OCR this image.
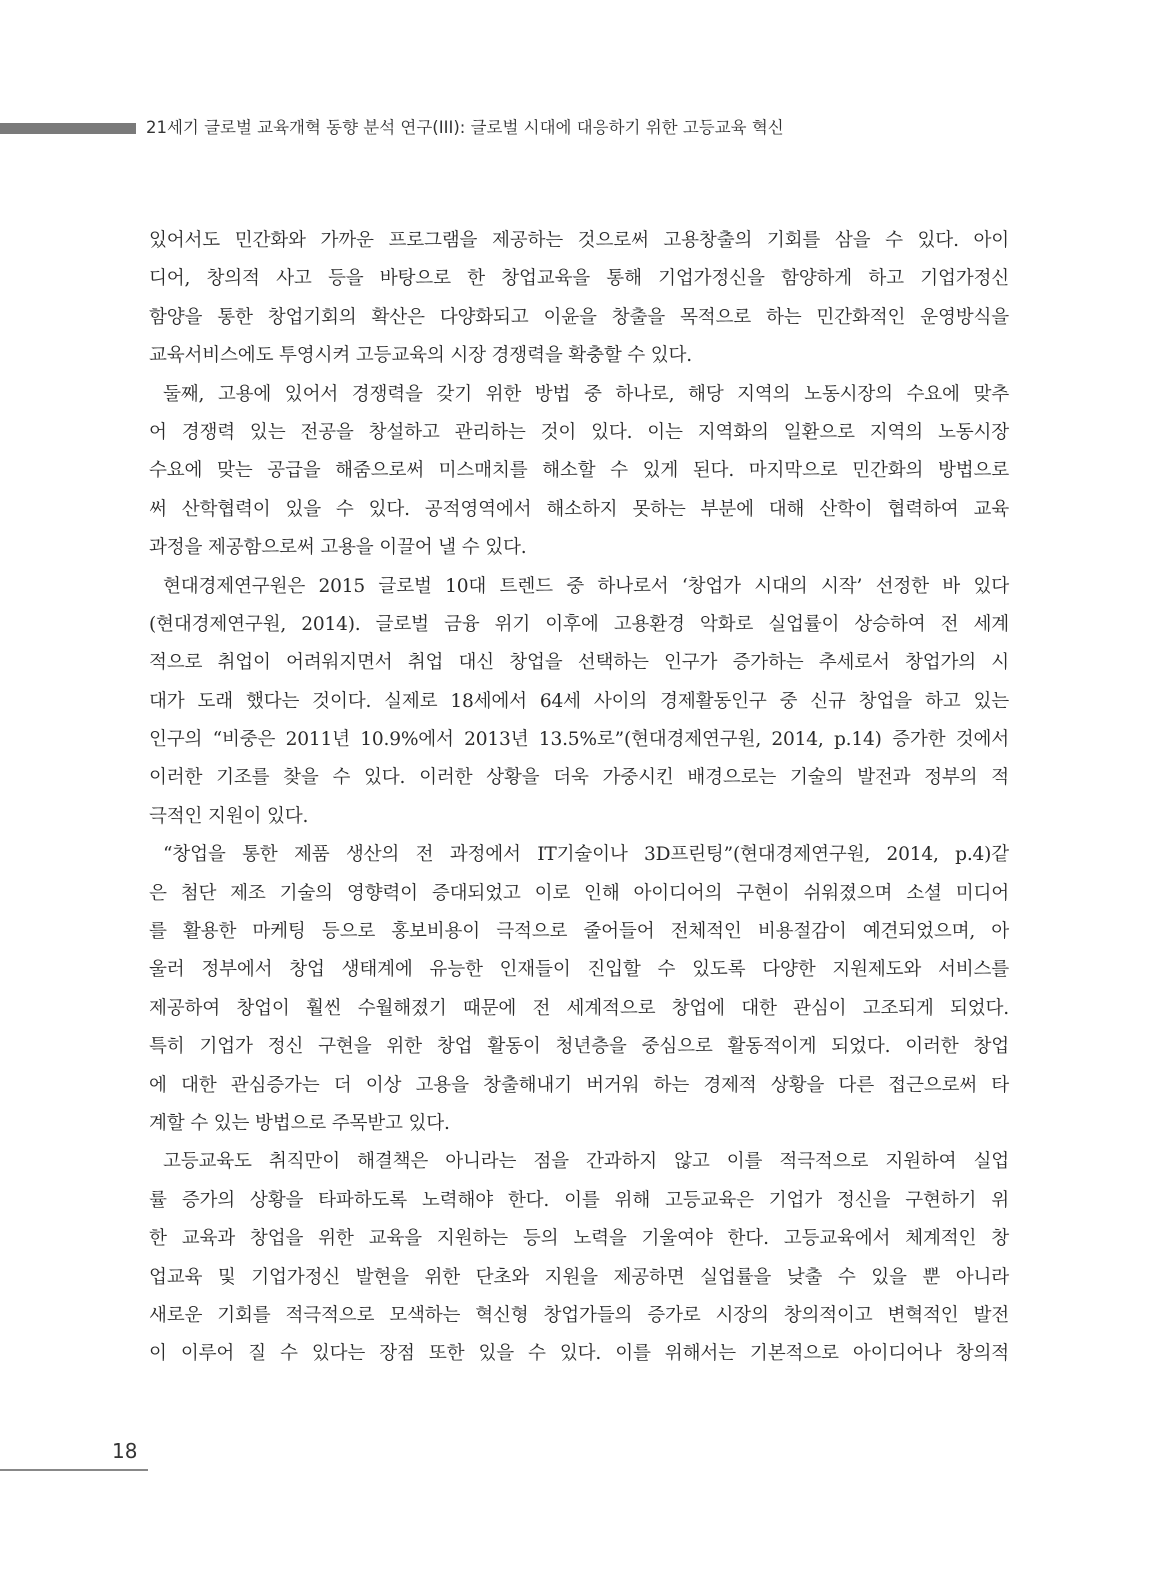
21세기 글로벌 교육개혁 동향 분석 연구(III): 글로벌 시대에 대응하기 위한 고등교육 혁신
있어서도 민간화와 가까운 프로그램을 제공하는 것으로써 고용창출의 기회를 삼을 수 있다. 아이
디어, 창의적 사고 등을 바탕으로 한 창업교육을 통해 기업가정신을 함양하게 하고 기업가정신
함양을 통한 창업기회의 확산은 다양화되고 이윤을 창출을 목적으로 하는 민간화적인 운영방식을
교육서비스에도 투영시켜 고등교육의 시장 경쟁력을 확충할 수 있다.
둘째, 고용에 있어서 경쟁력을 갖기 위한 방법 중 하나로, 해당 지역의 노동시장의 수요에 맞추
어 경쟁력 있는 전공을 창설하고 관리하는 것이 있다. 이는 지역화의 일환으로 지역의 노동시장
수요에 맞는 공급을 해줌으로써 미스매치를 해소할 수 있게 된다. 마지막으로 민간화의 방법으로
써 산학협력이 있을 수 있다. 공적영역에서 해소하지 못하는 부분에 대해 산학이 협력하여 교육
과정을 제공함으로써 고용을 이끌어 낼 수 있다.
현대경제연구원은 2015 글로벌 10대 트렌드 중 하나로서 ‘창업가 시대의 시작’ 선정한 바 있다
(현대경제연구원, 2014). 글로벌 금융 위기 이후에 고용환경 악화로 실업률이 상승하여 전 세계
적으로 취업이 어려워지면서 취업 대신 창업을 선택하는 인구가 증가하는 추세로서 창업가의 시
대가 도래 했다는 것이다. 실제로 18세에서 64세 사이의 경제활동인구 중 신규 창업을 하고 있는
인구의 “비중은 2011년 10.9%에서 2013년 13.5%로”(현대경제연구원, 2014, p.14) 증가한 것에서
이러한 기조를 찾을 수 있다. 이러한 상황을 더욱 가중시킨 배경으로는 기술의 발전과 정부의 적
극적인 지원이 있다.
“창업을 통한 제품 생산의 전 과정에서 IT기술이나 3D프린팅”(현대경제연구원, 2014, p.4)같
은 첨단 제조 기술의 영향력이 증대되었고 이로 인해 아이디어의 구현이 쉬워졌으며 소셜 미디어
를 활용한 마케팅 등으로 홍보비용이 극적으로 줄어들어 전체적인 비용절감이 예견되었으며, 아
울러 정부에서 창업 생태계에 유능한 인재들이 진입할 수 있도록 다양한 지원제도와 서비스를
제공하여 창업이 훨씬 수월해졌기 때문에 전 세계적으로 창업에 대한 관심이 고조되게 되었다.
특히 기업가 정신 구현을 위한 창업 활동이 청년층을 중심으로 활동적이게 되었다. 이러한 창업
에 대한 관심증가는 더 이상 고용을 창출해내기 버거워 하는 경제적 상황을 다른 접근으로써 타
계할 수 있는 방법으로 주목받고 있다.
고등교육도 취직만이 해결책은 아니라는 점을 간과하지 않고 이를 적극적으로 지원하여 실업
률 증가의 상황을 타파하도록 노력해야 한다. 이를 위해 고등교육은 기업가 정신을 구현하기 위
한 교육과 창업을 위한 교육을 지원하는 등의 노력을 기울여야 한다. 고등교육에서 체계적인 창
업교육 및 기업가정신 발현을 위한 단초와 지원을 제공하면 실업률을 낮출 수 있을 뿐 아니라
새로운 기회를 적극적으로 모색하는 혁신형 창업가들의 증가로 시장의 창의적이고 변혁적인 발전
이 이루어 질 수 있다는 장점 또한 있을 수 있다. 이를 위해서는 기본적으로 아이디어나 창의적
18
